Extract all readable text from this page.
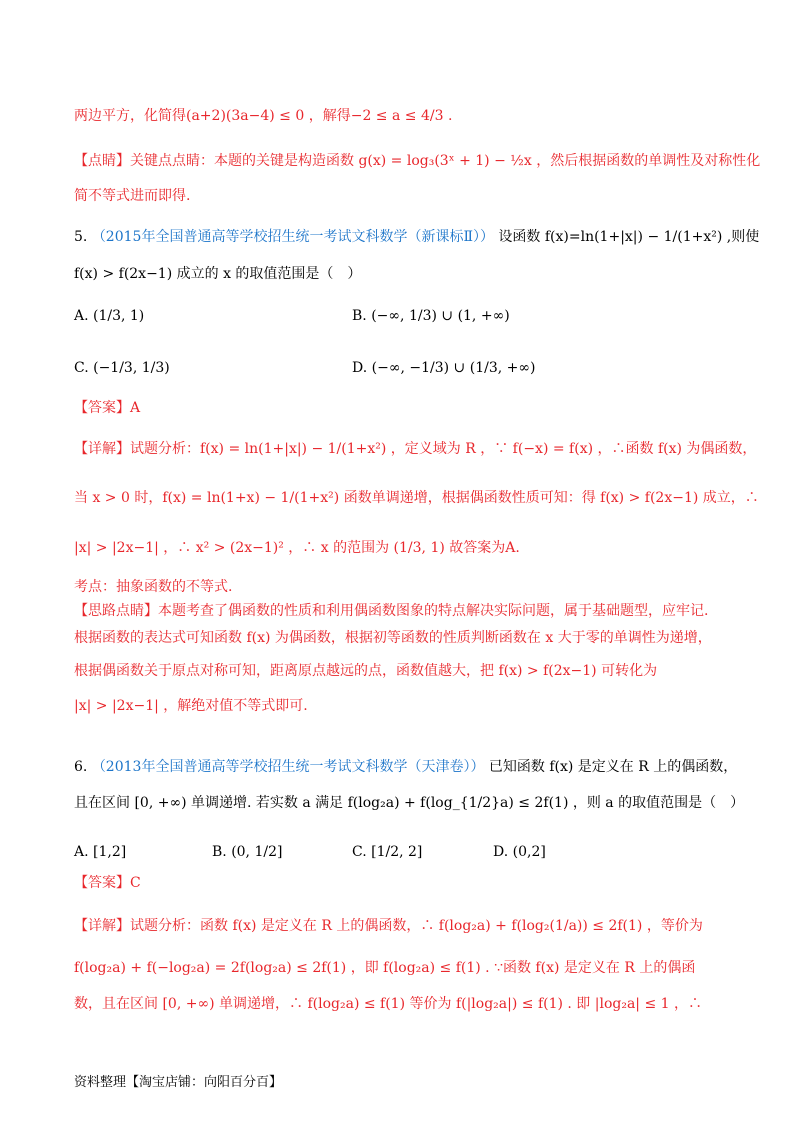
两边平方，化简得(a+2)(3a−4) ≤ 0 ，解得−2 ≤ a ≤ 4/3 .
【点睛】关键点点睛：本题的关键是构造函数 g(x) = log₃(3ˣ + 1) − ½x ，然后根据函数的单调性及对称性化
简不等式进而即得.
5. （2015年全国普通高等学校招生统一考试文科数学（新课标Ⅱ）） 设函数 f(x)=ln(1+|x|) − 1/(1+x²) ,则使
f(x) > f(2x−1) 成立的 x 的取值范围是（　）
A. (1/3, 1)	B. (−∞, 1/3) ∪ (1, +∞)
C. (−1/3, 1/3)	D. (−∞, −1/3) ∪ (1/3, +∞)
【答案】A
【详解】试题分析：f(x) = ln(1+|x|) − 1/(1+x²) ，定义域为 R ，∵ f(−x) = f(x) ，∴函数 f(x) 为偶函数，
当 x > 0 时，f(x) = ln(1+x) − 1/(1+x²) 函数单调递增，根据偶函数性质可知：得 f(x) > f(2x−1) 成立，∴
|x| > |2x−1| ，∴ x² > (2x−1)² ，∴ x 的范围为 (1/3, 1) 故答案为A.
考点：抽象函数的不等式.
【思路点睛】本题考查了偶函数的性质和利用偶函数图象的特点解决实际问题，属于基础题型，应牢记.
根据函数的表达式可知函数 f(x) 为偶函数，根据初等函数的性质判断函数在 x 大于零的单调性为递增，
根据偶函数关于原点对称可知，距离原点越远的点，函数值越大，把 f(x) > f(2x−1) 可转化为
|x| > |2x−1| ，解绝对值不等式即可.
6. （2013年全国普通高等学校招生统一考试文科数学（天津卷）） 已知函数 f(x) 是定义在 R 上的偶函数，
且在区间 [0, +∞) 单调递增. 若实数 a 满足 f(log₂a) + f(log_{1/2}a) ≤ 2f(1) ，则 a 的取值范围是（　）
A. [1,2]	B. (0, 1/2]	C. [1/2, 2]	D. (0,2]
【答案】C
【详解】试题分析：函数 f(x) 是定义在 R 上的偶函数，∴ f(log₂a) + f(log₂(1/a)) ≤ 2f(1) ，等价为
f(log₂a) + f(−log₂a) = 2f(log₂a) ≤ 2f(1) ，即 f(log₂a) ≤ f(1) . ∵函数 f(x) 是定义在 R 上的偶函
数，且在区间 [0, +∞) 单调递增，∴ f(log₂a) ≤ f(1) 等价为 f(|log₂a|) ≤ f(1) . 即 |log₂a| ≤ 1 ，∴
资料整理【淘宝店铺：向阳百分百】
